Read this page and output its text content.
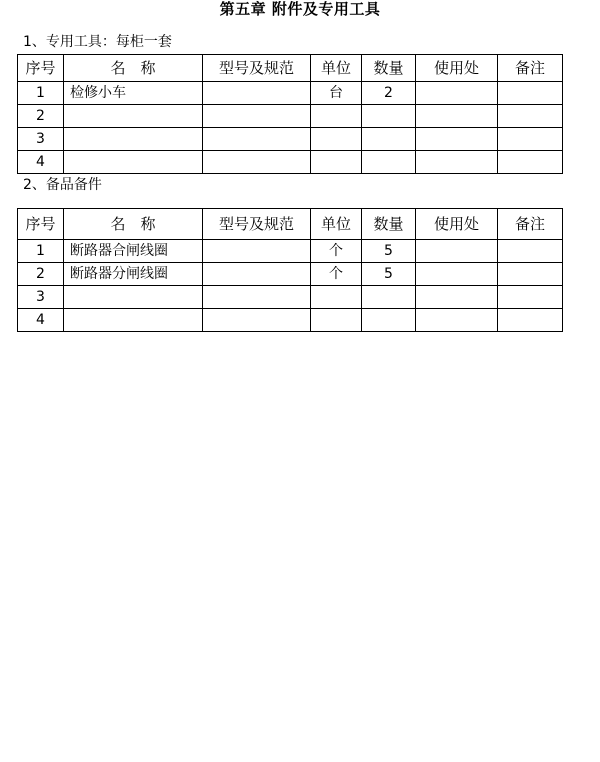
第五章 附件及专用工具
1、专用工具：每柜一套
序号	名　称	型号及规范	单位	数量	使用处	备注
1	检修小车		台	2		
2						
3						
4						
2、备品备件
序号	名　称	型号及规范	单位	数量	使用处	备注
1	断路器合闸线圈		个	5		
2	断路器分闸线圈		个	5		
3						
4						
